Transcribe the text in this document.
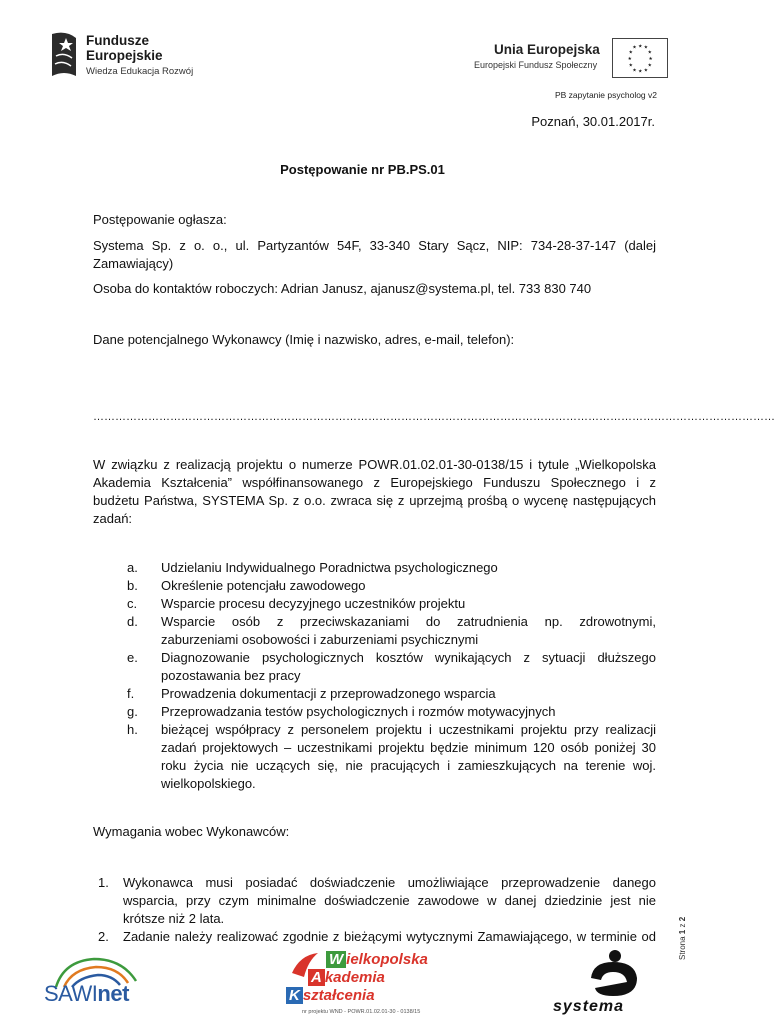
Fundusze
Europejskie
Wiedza Edukacja Rozwój
Unia Europejska
Europejski Fundusz Społeczny
★ ★
★
★
★
★
★
★
★
★
★
★
PB zapytanie psycholog v2
Poznań, 30.01.2017r.
Postępowanie nr PB.PS.01
Postępowanie ogłasza:
Systema Sp. z o. o., ul. Partyzantów 54F, 33-340 Stary Sącz, NIP: 734-28-37-147 (dalej
Zamawiający)
Osoba do kontaktów roboczych: Adrian Janusz, ajanusz@systema.pl, tel. 733 830 740
Dane potencjalnego Wykonawcy (Imię i nazwisko, adres, e-mail, telefon):
……………………………………………………………………………………………………………………………………………………………………
W związku z realizacją projektu o numerze POWR.01.02.01-30-0138/15 i tytule „Wielkopolska
Akademia Kształcenia” współfinansowanego z Europejskiego Funduszu Społecznego i z
budżetu Państwa, SYSTEMA Sp. z o.o. zwraca się z uprzejmą prośbą o wycenę następujących
zadań:
a.	Udzielaniu Indywidualnego Poradnictwa psychologicznego
b.	Określenie potencjału zawodowego
c.	Wsparcie procesu decyzyjnego uczestników projektu
d.	Wsparcie osób z przeciwskazaniami do zatrudnienia np. zdrowotnymi,
zaburzeniami osobowości i zaburzeniami psychicznymi
e.	Diagnozowanie psychologicznych kosztów wynikających z sytuacji dłuższego
pozostawania bez pracy
f.	Prowadzenia dokumentacji z przeprowadzonego wsparcia
g.	Przeprowadzania testów psychologicznych i rozmów motywacyjnych
h.	bieżącej współpracy z personelem projektu i uczestnikami projektu przy realizacji
zadań projektowych – uczestnikami projektu będzie minimum 120 osób poniżej 30
roku życia nie uczących się, nie pracujących i zamieszkujących na terenie woj.
wielkopolskiego.
Wymagania wobec Wykonawców:
1.	Wykonawca musi posiadać doświadczenie umożliwiające przeprowadzenie danego
wsparcia, przy czym minimalne doświadczenie zawodowe w danej dziedzinie jest nie
krótsze niż 2 lata.
2.	Zadanie należy realizować zgodnie z bieżącymi wytycznymi Zamawiającego, w terminie od	Strona 1 z 2
SAWInet
W ielkopolska
A kademia
K ształcenia
nr projektu WND - POWR.01.02.01-30 - 0138/15	systema
